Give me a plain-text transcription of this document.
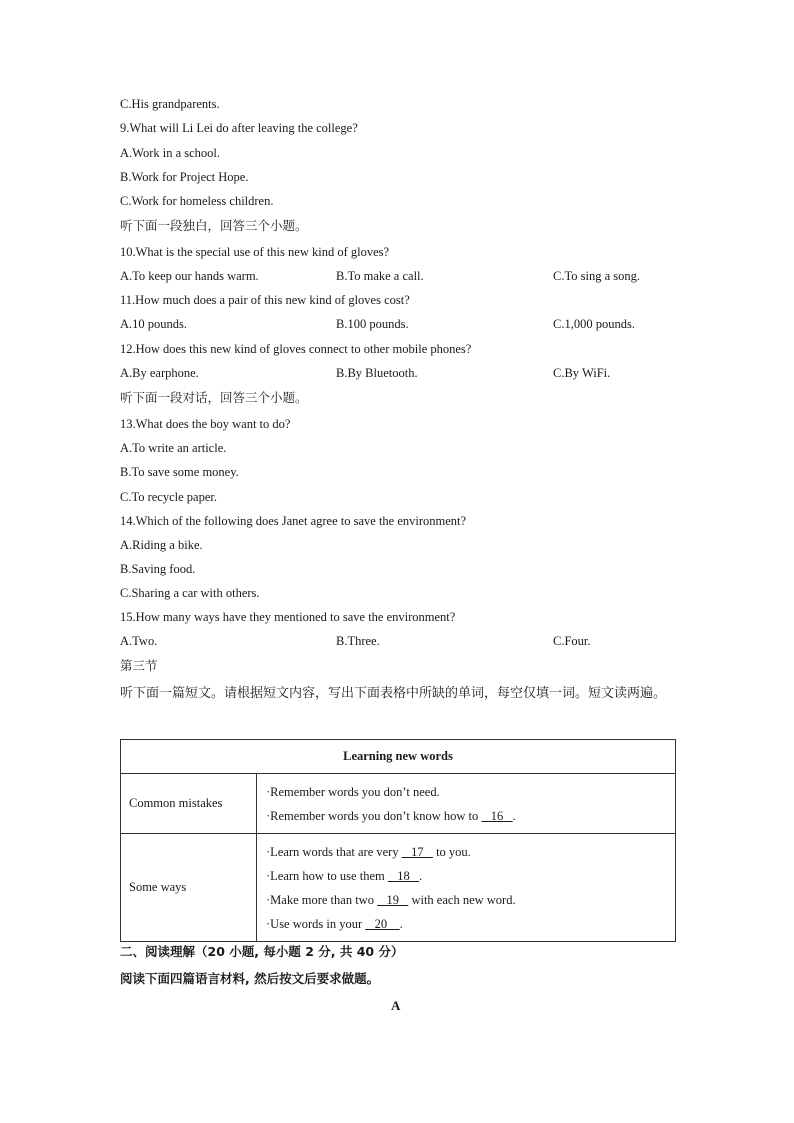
C.His grandparents.
9.What will Li Lei do after leaving the college?
A.Work in a school.
B.Work for Project Hope.
C.Work for homeless children.
听下面一段独白，回答三个小题。
10.What is the special use of this new kind of gloves?
A.To keep our hands warm.	B.To make a call.	C.To sing a song.
11.How much does a pair of this new kind of gloves cost?
A.10 pounds.	B.100 pounds.	C.1,000 pounds.
12.How does this new kind of gloves connect to other mobile phones?
A.By earphone.	B.By Bluetooth.	C.By WiFi.
听下面一段对话，回答三个小题。
13.What does the boy want to do?
A.To write an article.
B.To save some money.
C.To recycle paper.
14.Which of the following does Janet agree to save the environment?
A.Riding a bike.
B.Saving food.
C.Sharing a car with others.
15.How many ways have they mentioned to save the environment?
A.Two.	B.Three.	C.Four.
第三节
听下面一篇短文。请根据短文内容，写出下面表格中所缺的单词，每空仅填一词。短文读两遍。
Learning new words	
Common mistakes	·Remember words you don’t need.
·Remember words you don’t know how to    16   .

Some ways	·Learn words that are very    17    to you.
·Learn how to use them    18   .
·Make more than two    19    with each new word.
·Use words in your    20    .
二、阅读理解（20 小题, 每小题 2 分, 共 40 分）
阅读下面四篇语言材料, 然后按文后要求做题。
A
